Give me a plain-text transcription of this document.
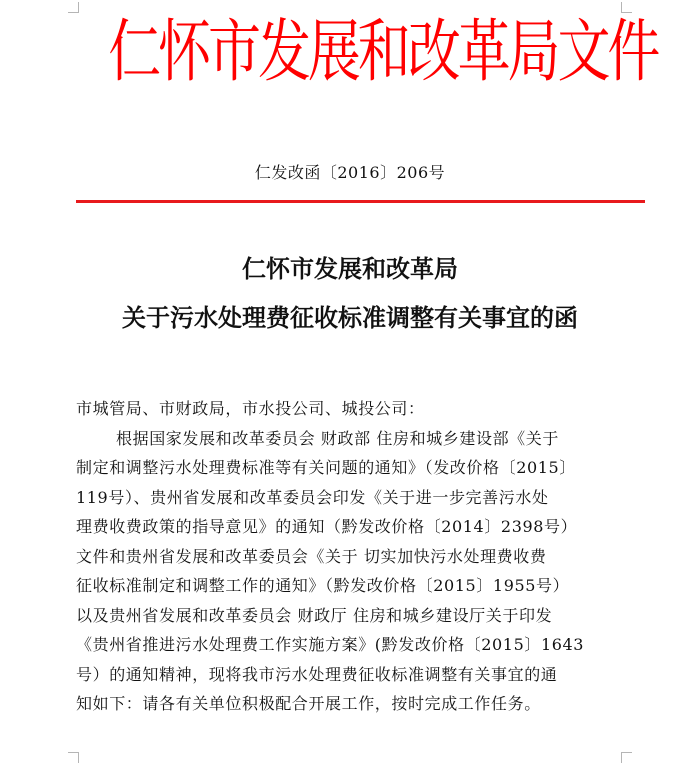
仁怀市发展和改革局文件
仁发改函〔2016〕206号
仁怀市发展和改革局
关于污水处理费征收标准调整有关事宜的函

市城管局、市财政局，市水投公司、城投公司：

根据国家发展和改革委员会 财政部 住房和城乡建设部《关于
制定和调整污水处理费标准等有关问题的通知》（发改价格〔2015〕
119号）、贵州省发展和改革委员会印发《关于进一步完善污水处
理费收费政策的指导意见》的通知（黔发改价格〔2014〕2398号）
文件和贵州省发展和改革委员会《关于 切实加快污水处理费收费
征收标准制定和调整工作的通知》（黔发改价格〔2015〕1955号）
以及贵州省发展和改革委员会 财政厅 住房和城乡建设厅关于印发
《贵州省推进污水处理费工作实施方案》(黔发改价格〔2015〕1643
号）的通知精神，现将我市污水处理费征收标准调整有关事宜的通
知如下：请各有关单位积极配合开展工作，按时完成工作任务。
